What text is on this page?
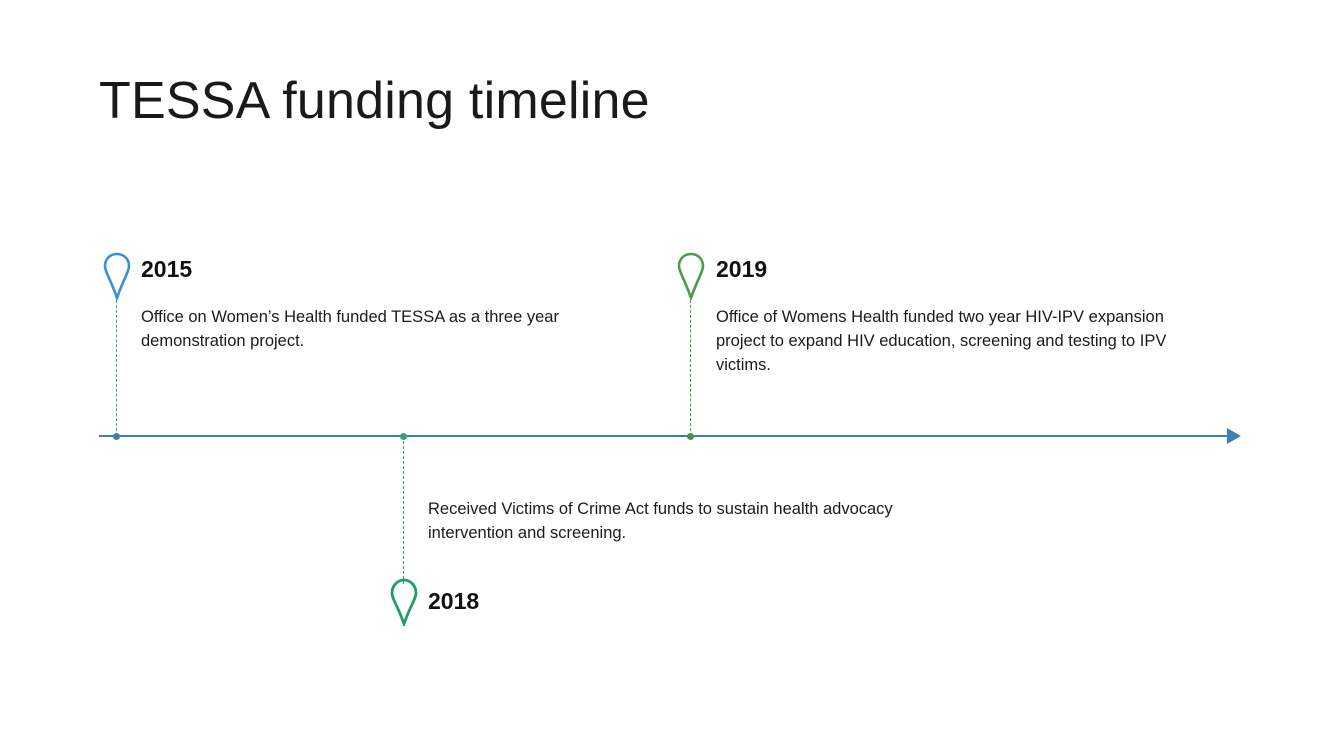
TESSA funding timeline
2015
Office on Women’s Health funded TESSA as a three year demonstration project.
2019
Office of Womens Health funded two year HIV-IPV expansion project to expand HIV education, screening and testing to IPV victims.
2018
Received Victims of Crime Act funds to sustain health advocacy intervention and screening.
